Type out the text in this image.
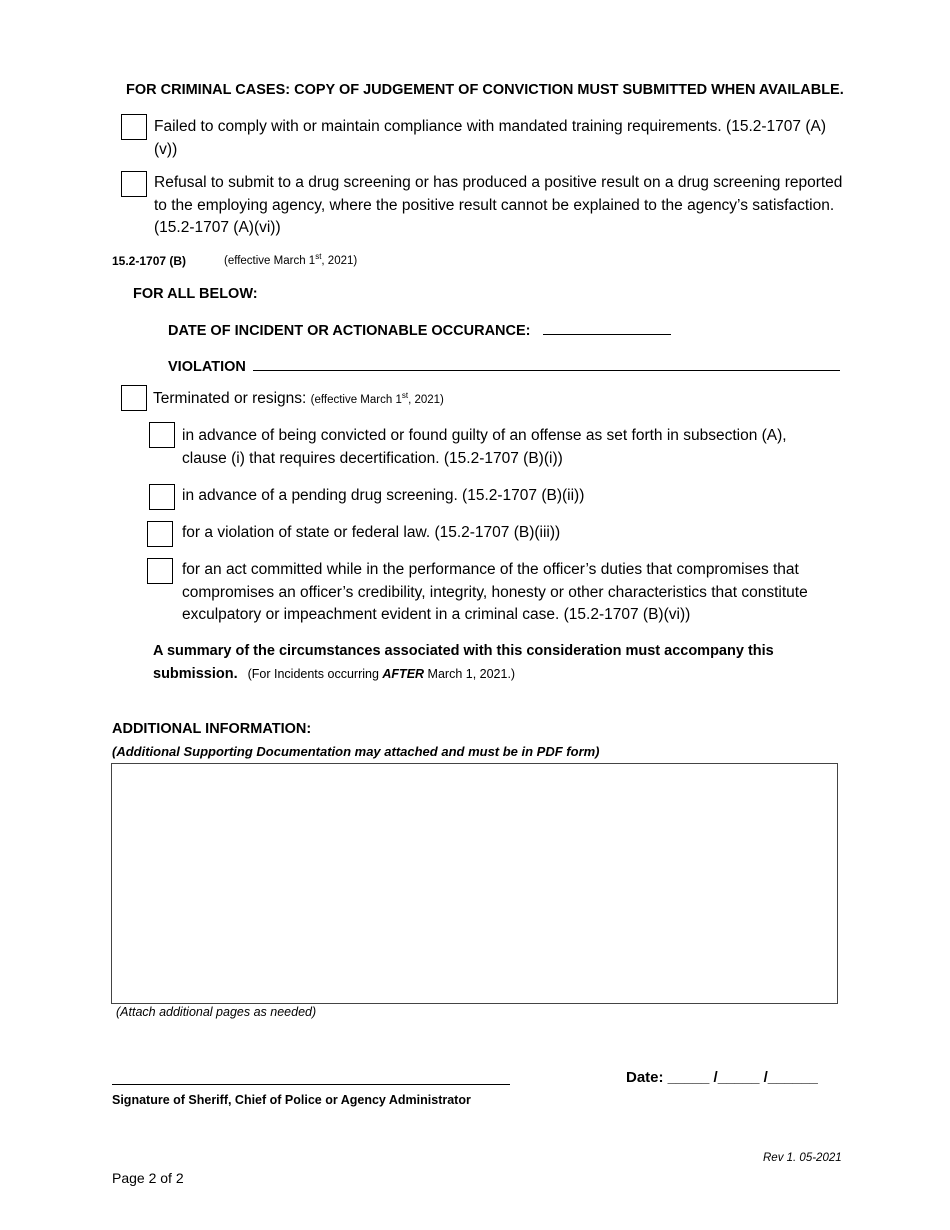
FOR CRIMINAL CASES: COPY OF JUDGEMENT OF CONVICTION MUST SUBMITTED WHEN AVAILABLE.
Failed to comply with or maintain compliance with mandated training requirements. (15.2-1707 (A)(v))
Refusal to submit to a drug screening or has produced a positive result on a drug screening reported to the employing agency, where the positive result cannot be explained to the agency’s satisfaction. (15.2-1707 (A)(vi))
15.2-1707 (B)	(effective March 1st, 2021)
FOR ALL BELOW:
DATE OF INCIDENT OR ACTIONABLE OCCURANCE:
VIOLATION
Terminated or resigns: (effective March 1st, 2021)
in advance of being convicted or found guilty of an offense as set forth in subsection (A), clause (i) that requires decertification. (15.2-1707 (B)(i))
in advance of a pending drug screening. (15.2-1707 (B)(ii))
for a violation of state or federal law. (15.2-1707 (B)(iii))
for an act committed while in the performance of the officer’s duties that compromises that compromises an officer’s credibility, integrity, honesty or other characteristics that constitute exculpatory or impeachment evident in a criminal case. (15.2-1707 (B)(vi))
A summary of the circumstances associated with this consideration must accompany this submission. (For Incidents occurring AFTER March 1, 2021.)
ADDITIONAL INFORMATION:
(Additional Supporting Documentation may attached and must be in PDF form)
(Attach additional pages as needed)
Signature of Sheriff, Chief of Police or Agency Administrator
Date: _____ /_____ /______
Rev 1. 05-2021
Page 2 of 2
